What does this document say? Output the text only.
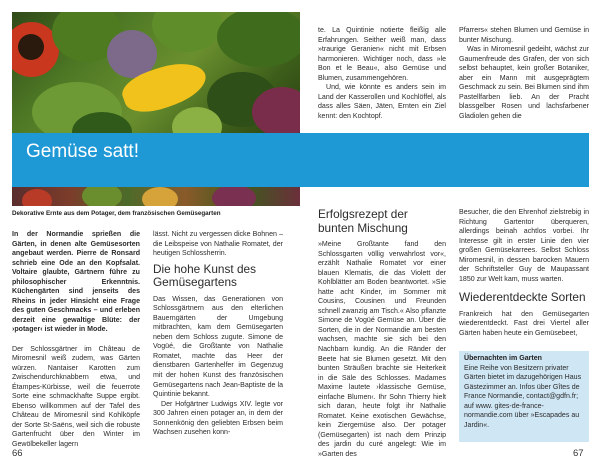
Gemüse satt!
Dekorative Ernte aus dem Potager, dem französischen Gemüsegarten

In der Normandie sprießen die Gärten, in denen alte Gemüsesorten angebaut werden. Pierre de Ronsard schrieb eine Ode an den Kopfsalat. Voltaire glaubte, Gärtnern führe zu philosophischer Erkenntnis. Küchengärten sind jenseits des Rheins in jeder Hinsicht eine Frage des guten Geschmacks – und erleben derzeit eine gewaltige Blüte: der ›potager‹ ist wieder in Mode.

Der Schlossgärtner im Château de Miromesnil weiß zudem, was Gärten würzen. Nantaiser Karotten zum Zwischendurchknabbern etwa, und Étampes-Kürbisse, weil die feuerrote Sorte eine schmackhafte Suppe ergibt. Ebenso willkommen auf der Tafel des Château de Miromesnil sind Kohlköpfe der Sorte St-Saëns, weil sich die robuste Gartenfrucht über den Winter im Gewölbekeller lagern

lässt. Nicht zu vergessen dicke Bohnen – die Leibspeise von Nathalie Romatet, der heutigen Schlossherrin.

Die hohe Kunst des Gemüsegartens

Das Wissen, das Generationen von Schlossgärtnern aus den elterlichen Bauerngärten der Umgebung mitbrachten, kam dem Gemüsegarten neben dem Schloss zugute. Simone de Vogüé, die Großtante von Nathalie Romatet, machte das Heer der dienstbaren Gartenhelfer im Gegenzug mit der hohen Kunst des französischen Gemüsegartens nach Jean-Baptiste de la Quintinie bekannt.

Der Hofgärtner Ludwigs XIV. legte vor 300 Jahren einen potager an, in dem der Sonnenkönig den geliebten Erbsen beim Wachsen zusehen konn-

te. La Quintinie notierte fleißig alle Erfahrungen. Seither weiß man, dass »traurige Geranien« nicht mit Erbsen harmonieren. Wichtiger noch, dass »le Bon et le Beau«, also Gemüse und Blumen, zusammengehören.

Und, wie könnte es anders sein im Land der Kasserollen und Kochlöffel, als dass alles Säen, Jäten, Ernten ein Ziel kennt: den Kochtopf.

Erfolgsrezept der bunten Mischung

»Meine Großtante fand den Schlossgarten völlig verwahrlost vor«, erzählt Nathalie Romatet vor einer blauen Klematis, die das Violett der Kohlblätter am Boden beantwortet. »Sie hatte acht Kinder, im Sommer mit Cousins, Cousinen und Freunden schnell zwanzig am Tisch.« Also pflanzte Simone de Vogüé Gemüse an. Über die Sorten, die in der Normandie am besten wachsen, machte sie sich bei den Nachbarn kundig. An die Ränder der Beete hat sie Blumen gesetzt. Mit den bunten Sträußen brachte sie Heiterkeit in die Säle des Schlosses. Madames Maxime lautete ›klassische Gemüse, einfache Blumen‹. Ihr Sohn Thierry hielt sich daran, heute folgt ihr Nathalie Romatet. Keine exotischen Gewächse, kein Ziergemüse also. Der potager (Gemüsegarten) ist nach dem Prinzip des jardin du curé angelegt: Wie im »Garten des

Pfarrers« stehen Blumen und Gemüse in bunter Mischung.

Was in Miromesnil gedeiht, wächst zur Gaumenfreude des Grafen, der von sich selbst behauptet, kein großer Botaniker, aber ein Mann mit ausgeprägtem Geschmack zu sein. Bei Blumen sind ihm Pastellfarben lieb. An der Pracht blassgelber Rosen und lachsfarbener Gladiolen gehen die

Besucher, die den Ehrenhof zielstrebig in Richtung Gartentor überqueren, allerdings beinah achtlos vorbei. Ihr Interesse gilt in erster Linie den vier großen Gemüsekarrees. Selbst Schloss Miromesnil, in dessen barocken Mauern der Schriftsteller Guy de Maupassant 1850 zur Welt kam, muss warten.

Wiederentdeckte Sorten

Frankreich hat den Gemüsegarten wiederentdeckt. Fast drei Viertel aller Gärten haben heute ein Gemüsebeet,

Übernachten im Garten
Eine Reihe von Besitzern privater Gärten bietet im dazugehörigen Haus Gästezimmer an. Infos über Gîtes de France Normandie, contact@gdfn.fr; auf www. gites-de-france-normandie.com über »Escapades au Jardin«.
66	67
